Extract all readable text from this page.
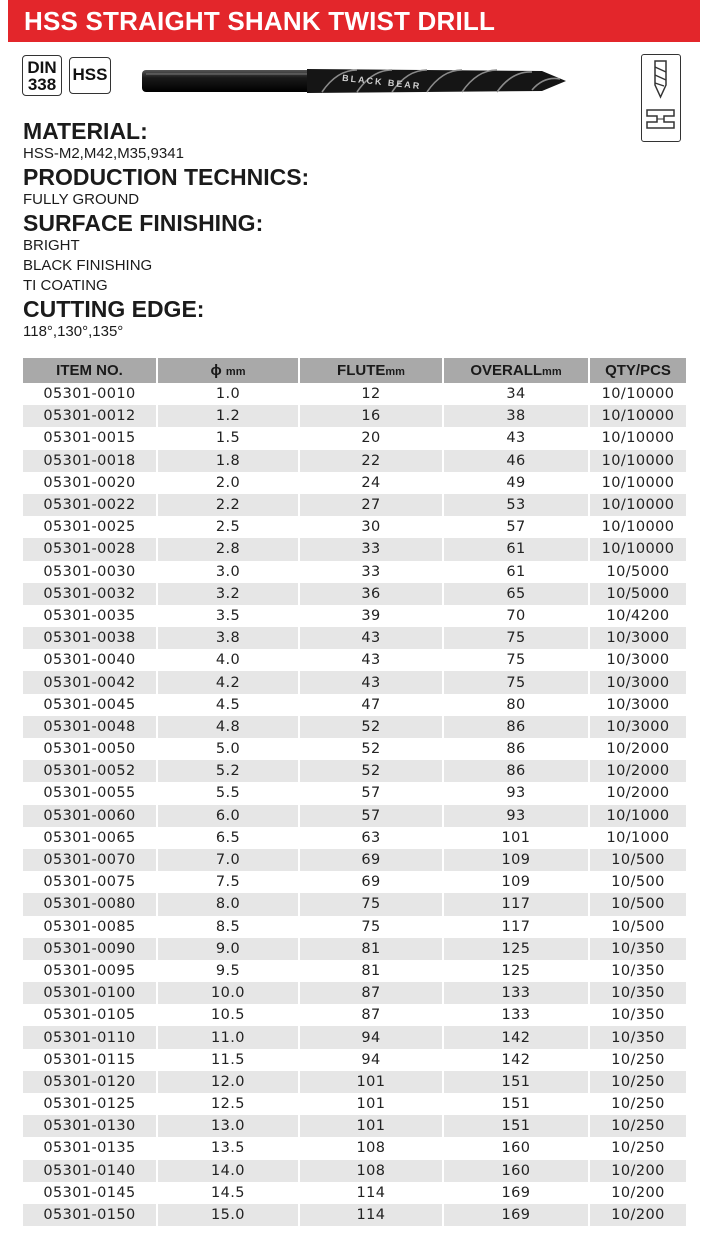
HSS STRAIGHT SHANK TWIST DRILL
DIN
338
HSS	BLACK BEAR

MATERIAL:

HSS-M2,M42,M35,9341

PRODUCTION TECHNICS:

FULLY GROUND

SURFACE FINISHING:

BRIGHT

BLACK FINISHING

TI COATING

CUTTING EDGE:

118°,130°,135°

ITEM NO.	ϕ mm	FLUTEmm	OVERALLmm	QTY/PCS
05301-0010	1.0	12	34	10/10000
05301-0012	1.2	16	38	10/10000
05301-0015	1.5	20	43	10/10000
05301-0018	1.8	22	46	10/10000
05301-0020	2.0	24	49	10/10000
05301-0022	2.2	27	53	10/10000
05301-0025	2.5	30	57	10/10000
05301-0028	2.8	33	61	10/10000
05301-0030	3.0	33	61	10/5000
05301-0032	3.2	36	65	10/5000
05301-0035	3.5	39	70	10/4200
05301-0038	3.8	43	75	10/3000
05301-0040	4.0	43	75	10/3000
05301-0042	4.2	43	75	10/3000
05301-0045	4.5	47	80	10/3000
05301-0048	4.8	52	86	10/3000
05301-0050	5.0	52	86	10/2000
05301-0052	5.2	52	86	10/2000
05301-0055	5.5	57	93	10/2000
05301-0060	6.0	57	93	10/1000
05301-0065	6.5	63	101	10/1000
05301-0070	7.0	69	109	10/500
05301-0075	7.5	69	109	10/500
05301-0080	8.0	75	117	10/500
05301-0085	8.5	75	117	10/500
05301-0090	9.0	81	125	10/350
05301-0095	9.5	81	125	10/350
05301-0100	10.0	87	133	10/350
05301-0105	10.5	87	133	10/350
05301-0110	11.0	94	142	10/350
05301-0115	11.5	94	142	10/250
05301-0120	12.0	101	151	10/250
05301-0125	12.5	101	151	10/250
05301-0130	13.0	101	151	10/250
05301-0135	13.5	108	160	10/250
05301-0140	14.0	108	160	10/200
05301-0145	14.5	114	169	10/200
05301-0150	15.0	114	169	10/200
